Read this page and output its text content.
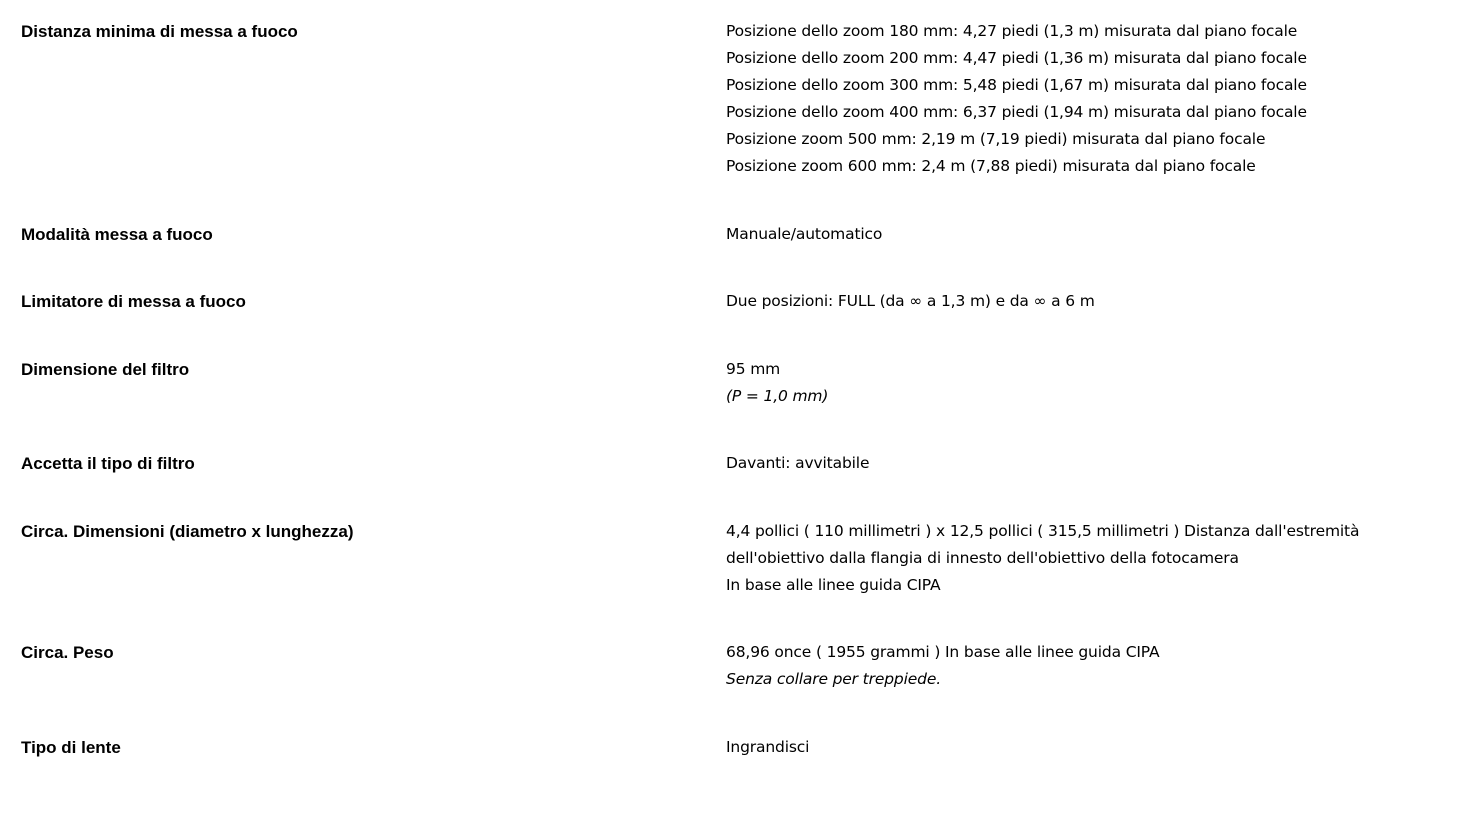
Distanza minima di messa a fuoco	Posizione dello zoom 180 mm: 4,27 piedi (1,3 m) misurata dal piano focale
Posizione dello zoom 200 mm: 4,47 piedi (1,36 m) misurata dal piano focale
Posizione dello zoom 300 mm: 5,48 piedi (1,67 m) misurata dal piano focale
Posizione dello zoom 400 mm: 6,37 piedi (1,94 m) misurata dal piano focale
Posizione zoom 500 mm: 2,19 m (7,19 piedi) misurata dal piano focale
Posizione zoom 600 mm: 2,4 m (7,88 piedi) misurata dal piano focale
Modalità messa a fuoco	Manuale/automatico
Limitatore di messa a fuoco	Due posizioni: FULL (da ∞ a 1,3 m) e da ∞ a 6 m
Dimensione del filtro	95 mm
(P = 1,0 mm)
Accetta il tipo di filtro	Davanti: avvitabile
Circa. Dimensioni (diametro x lunghezza)	4,4 pollici ( 110 millimetri ) x 12,5 pollici ( 315,5 millimetri ) Distanza dall'estremità
dell'obiettivo dalla flangia di innesto dell'obiettivo della fotocamera
In base alle linee guida CIPA
Circa. Peso	68,96 once ( 1955 grammi ) In base alle linee guida CIPA
Senza collare per treppiede.
Tipo di lente	Ingrandisci
